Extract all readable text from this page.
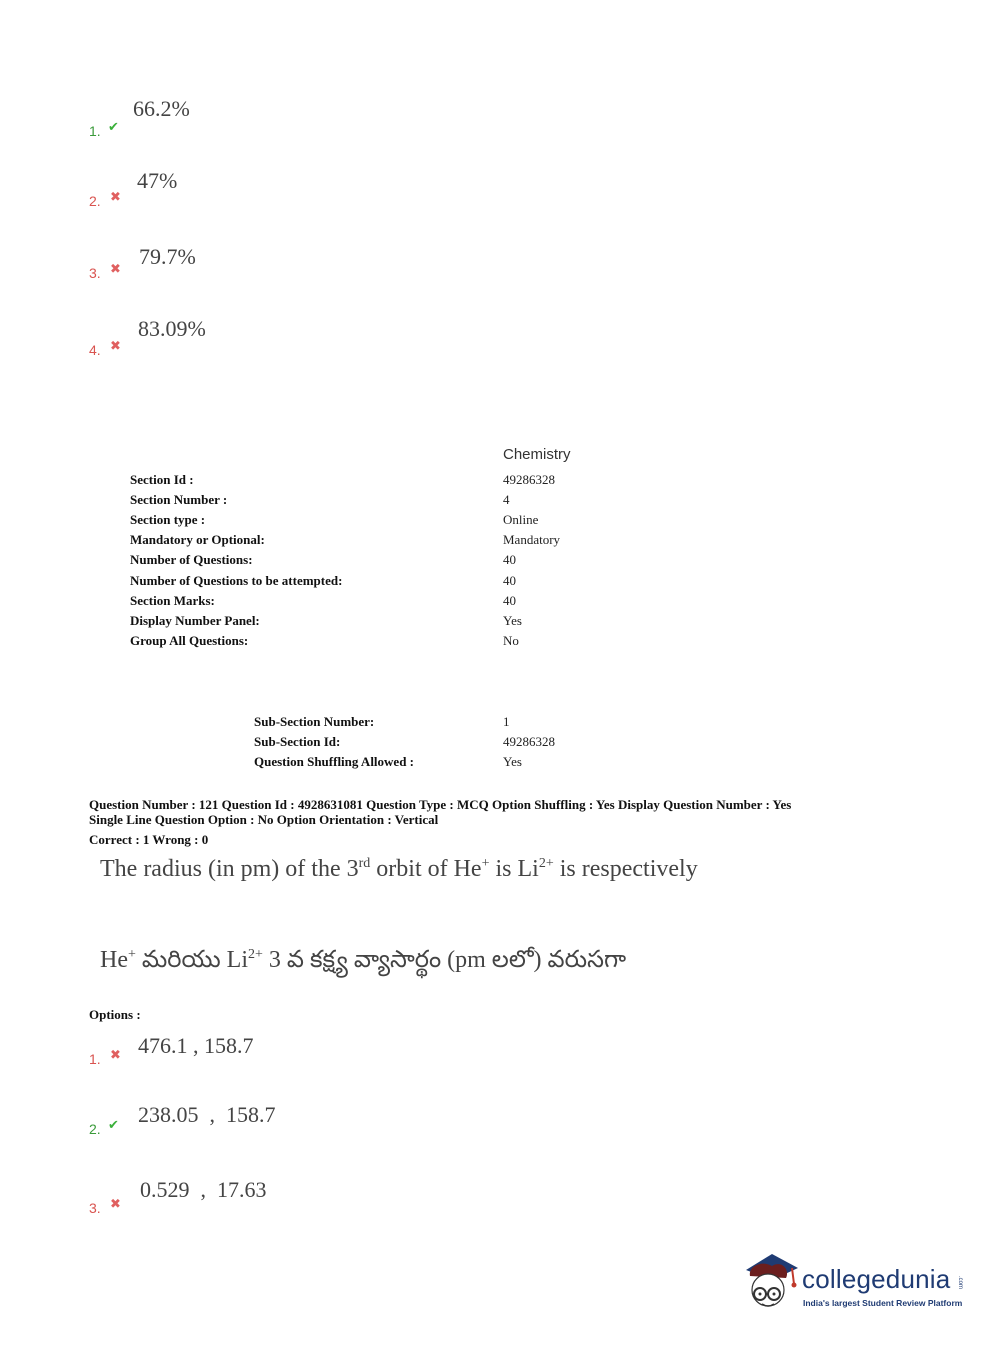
1. ✔
66.2%
2. ✖
47%
3. ✖
79.7%
4. ✖
83.09%
Chemistry
Section Id :	49286328
Section Number :	4
Section type :	Online
Mandatory or Optional:	Mandatory
Number of Questions:	40
Number of Questions to be attempted:	40
Section Marks:	40
Display Number Panel:	Yes
Group All Questions:	No
Sub-Section Number:	1
Sub-Section Id:	49286328
Question Shuffling Allowed :	Yes
Question Number : 121 Question Id : 4928631081 Question Type : MCQ Option Shuffling : Yes Display Question Number : Yes
Single Line Question Option : No Option Orientation : Vertical
Correct : 1 Wrong : 0
The radius (in pm) of the 3rd orbit of He+ is $Li^{2+}$ is respectively
He+ మరియు $Li^{2+}$ 3 వ కక్ష్య వ్యాసార్థం (pm లలో) వరుసగా
Options :
1. ✖ 476.1 , 158.7
2. ✔ 238.05  ,  158.7
3. ✖
0.529  ,  17.63
collegedunia .com
India's largest Student Review Platform
